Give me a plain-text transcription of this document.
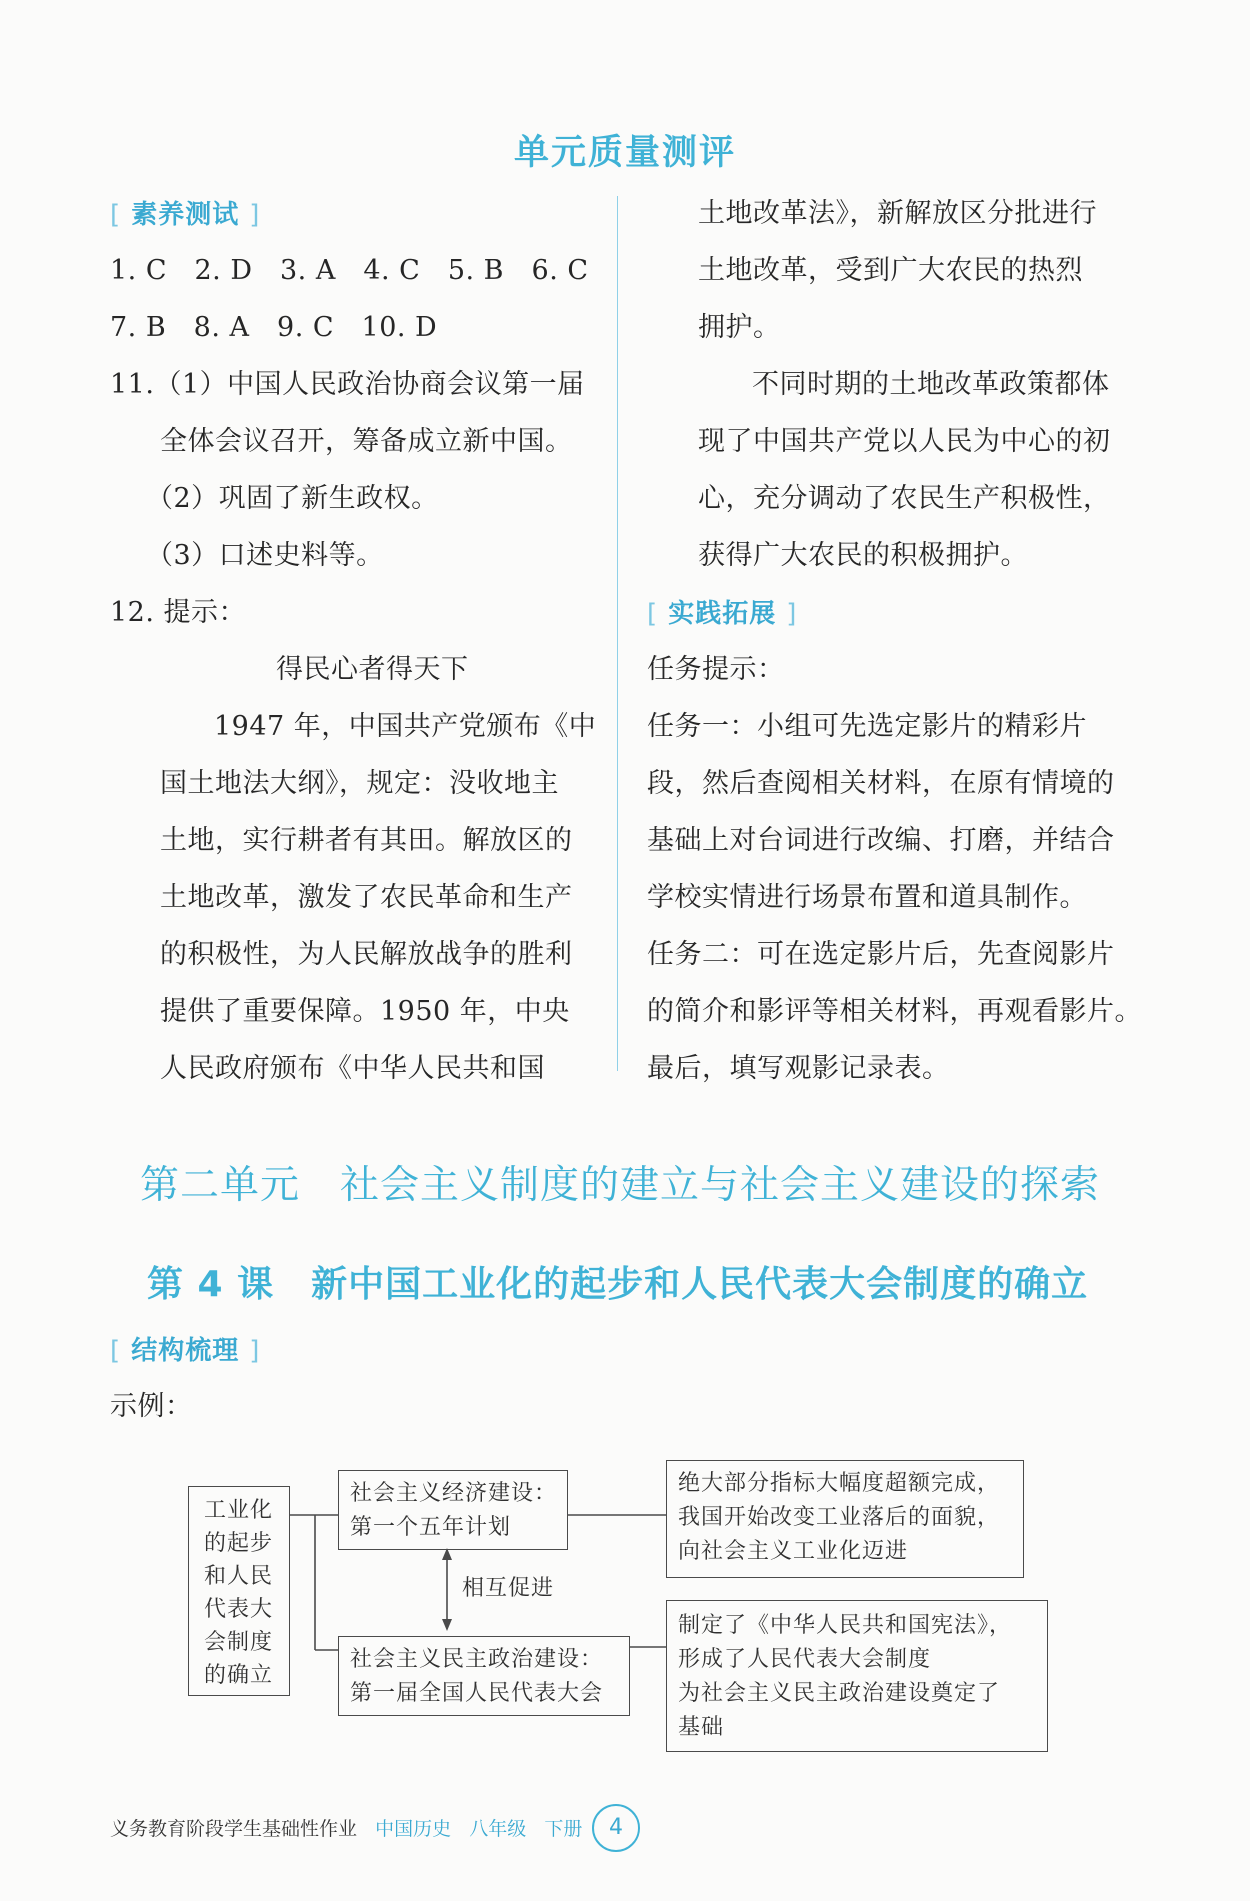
单元质量测评
[ 素养测试 ]
1. C　2. D　3. A　4. C　5. B　6. C
7. B　8. A　9. C　10. D
11.（1）中国人民政治协商会议第一届
全体会议召开，筹备成立新中国。
（2）巩固了新生政权。
（3）口述史料等。
12. 提示：
得民心者得天下
1947 年，中国共产党颁布《中
国土地法大纲》，规定：没收地主
土地，实行耕者有其田。解放区的
土地改革，激发了农民革命和生产
的积极性，为人民解放战争的胜利
提供了重要保障。1950 年，中央
人民政府颁布《中华人民共和国
土地改革法》，新解放区分批进行
土地改革，受到广大农民的热烈
拥护。
不同时期的土地改革政策都体
现了中国共产党以人民为中心的初
心，充分调动了农民生产积极性，
获得广大农民的积极拥护。
[ 实践拓展 ]
任务提示：
任务一：小组可先选定影片的精彩片
段，然后查阅相关材料，在原有情境的
基础上对台词进行改编、打磨，并结合
学校实情进行场景布置和道具制作。
任务二：可在选定影片后，先查阅影片
的简介和影评等相关材料，再观看影片。
最后，填写观影记录表。
第二单元　社会主义制度的建立与社会主义建设的探索
第 4 课　新中国工业化的起步和人民代表大会制度的确立
[ 结构梳理 ]
示例：
工业化
的起步
和人民
代表大
会制度
的确立
社会主义经济建设：
第一个五年计划
绝大部分指标大幅度超额完成，
我国开始改变工业落后的面貌，
向社会主义工业化迈进
相互促进
社会主义民主政治建设：
第一届全国人民代表大会
制定了《中华人民共和国宪法》，
形成了人民代表大会制度
为社会主义民主政治建设奠定了
基础
义务教育阶段学生基础性作业 中国历史 八年级 下册	4
